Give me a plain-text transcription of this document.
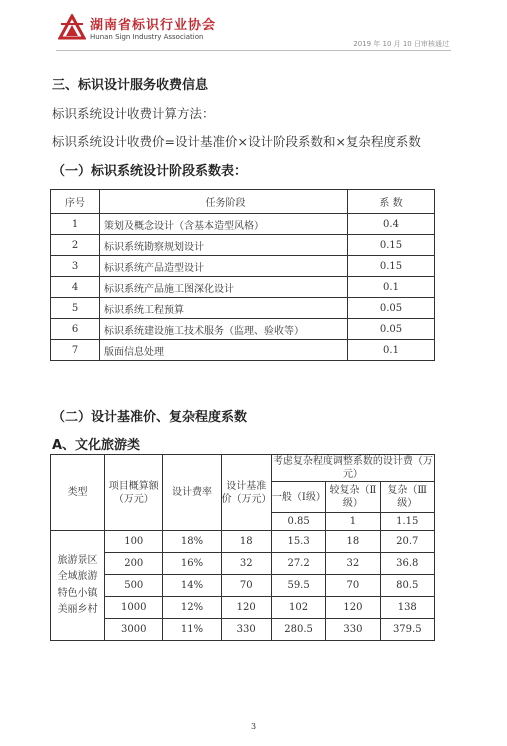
湖南省标识行业协会
Hunan Sign Industry Association
2019 年 10 月 10 日审核通过
三、标识设计服务收费信息
标识系统设计收费计算方法：
标识系统设计收费价=设计基准价×设计阶段系数和×复杂程度系数
（一）标识系统设计阶段系数表：
序号	任务阶段	系 数
1	策划及概念设计（含基本造型风格）	0.4
2	标识系统勘察规划设计	0.15
3	标识系统产品造型设计	0.15
4	标识系统产品施工图深化设计	0.1
5	标识系统工程预算	0.05
6	标识系统建设施工技术服务（监理、验收等）	0.05
7	版面信息处理	0.1
（二）设计基准价、复杂程度系数
A、文化旅游类
类型	项目概算额（万元）	设计费率	设计基准价（万元）	考虑复杂程度调整系数的设计费（万元）		
				一般（Ⅰ级）	较复杂（Ⅱ级）	复杂（Ⅲ级）
				0.85	1	1.15
旅游景区全域旅游特色小镇美丽乡村	100	18%	18	15.3	18	20.7
	200	16%	32	27.2	32	36.8
	500	14%	70	59.5	70	80.5
	1000	12%	120	102	120	138
	3000	11%	330	280.5	330	379.5
3
